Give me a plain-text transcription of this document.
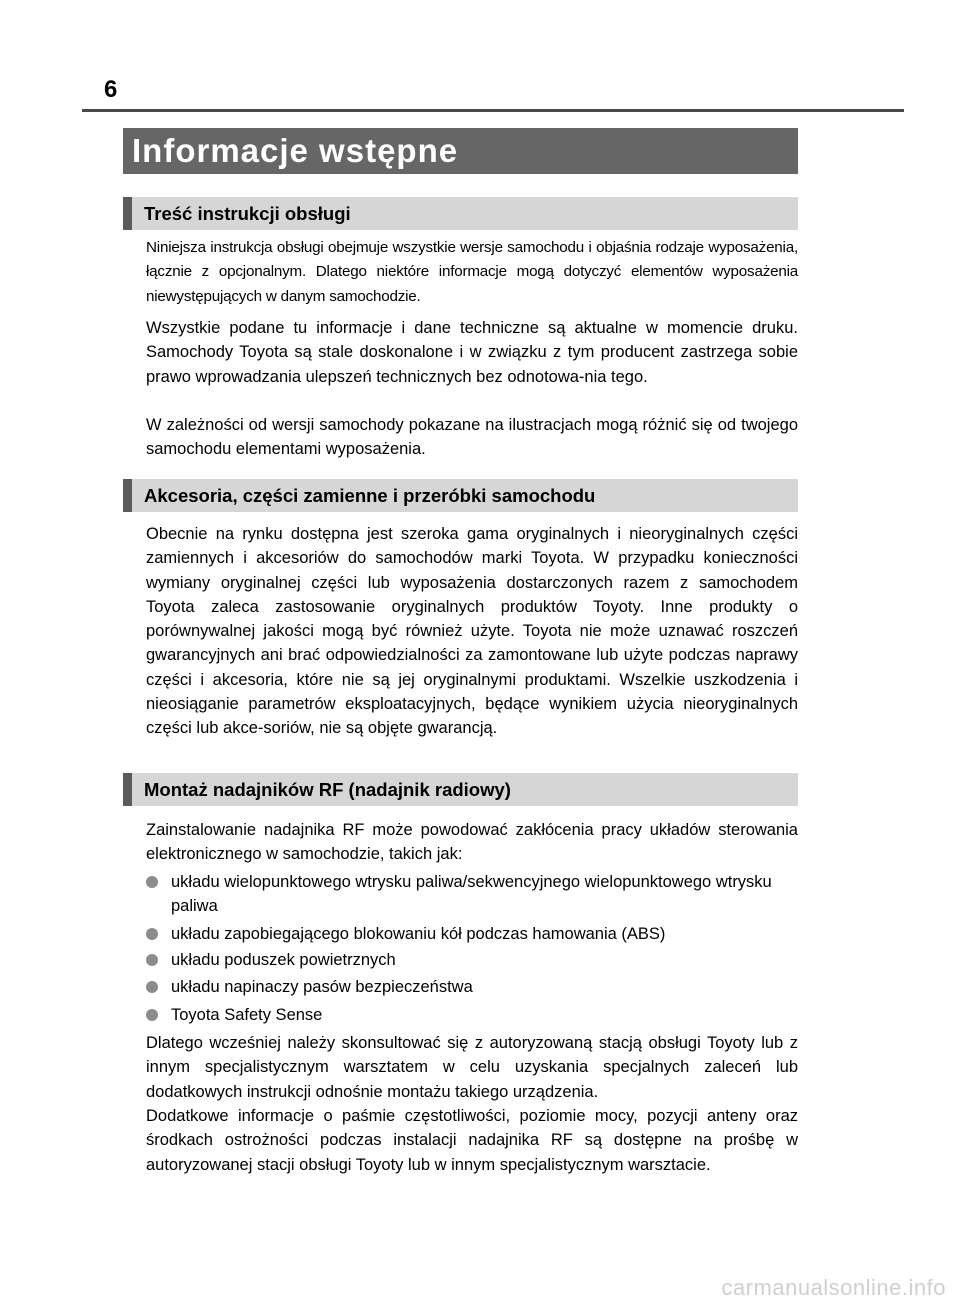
6
Informacje wstępne
Treść instrukcji obsługi

Niniejsza instrukcja obsługi obejmuje wszystkie wersje samochodu i objaśnia rodzaje wyposażenia, łącznie z opcjonalnym. Dlatego niektóre informacje mogą dotyczyć elementów wyposażenia niewystępujących w danym samochodzie.

Wszystkie podane tu informacje i dane techniczne są aktualne w momencie druku. Samochody Toyota są stale doskonalone i w związku z tym producent zastrzega sobie prawo wprowadzania ulepszeń technicznych bez odnotowa-nia tego.

W zależności od wersji samochody pokazane na ilustracjach mogą różnić się od twojego samochodu elementami wyposażenia.

Akcesoria, części zamienne i przeróbki samochodu

Obecnie na rynku dostępna jest szeroka gama oryginalnych i nieoryginalnych części zamiennych i akcesoriów do samochodów marki Toyota. W przypadku konieczności wymiany oryginalnej części lub wyposażenia dostarczonych razem z samochodem Toyota zaleca zastosowanie oryginalnych produktów Toyoty. Inne produkty o porównywalnej jakości mogą być również użyte. Toyota nie może uznawać roszczeń gwarancyjnych ani brać odpowiedzialności za zamontowane lub użyte podczas naprawy części i akcesoria, które nie są jej oryginalnymi produktami. Wszelkie uszkodzenia i nieosiąganie parametrów eksploatacyjnych, będące wynikiem użycia nieoryginalnych części lub akce-soriów, nie są objęte gwarancją.

Montaż nadajników RF (nadajnik radiowy)

Zainstalowanie nadajnika RF może powodować zakłócenia pracy układów sterowania elektronicznego w samochodzie, takich jak:

układu wielopunktowego wtrysku paliwa/sekwencyjnego wielopunktowego wtrysku paliwa
układu zapobiegającego blokowaniu kół podczas hamowania (ABS)
układu poduszek powietrznych
układu napinaczy pasów bezpieczeństwa
Toyota Safety Sense

Dlatego wcześniej należy skonsultować się z autoryzowaną stacją obsługi Toyoty lub z innym specjalistycznym warsztatem w celu uzyskania specjalnych zaleceń lub dodatkowych instrukcji odnośnie montażu takiego urządzenia.

Dodatkowe informacje o paśmie częstotliwości, poziomie mocy, pozycji anteny oraz środkach ostrożności podczas instalacji nadajnika RF są dostępne na prośbę w autoryzowanej stacji obsługi Toyoty lub w innym specjalistycznym warsztacie.

carmanualsonline.info
